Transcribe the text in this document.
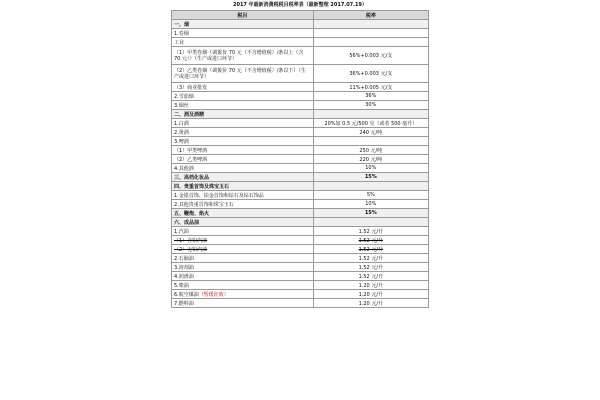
2017 年最新消费税税目税率表（最新整理 2017.07.19）
税目	税率
一、烟	
1.卷烟	
工业	
（1）甲类卷烟（调拨价 70 元（不含增值税）/条以上（含 70 元））（生产或进口环节）	56%+0.003 元/支
（2）乙类卷烟（调拨价 70 元（不含增值税）/条以下）（生产或进口环节）	36%+0.003 元/支
（3）商业批发	11%+0.005 元/支
2.雪茄烟	36%
3.烟丝	30%
二、酒及酒精	
1.白酒	20%加 0.5 元/500 克（或者 500 毫升）
2.黄酒	240 元/吨
3.啤酒	
（1）甲类啤酒	250 元/吨
（2）乙类啤酒	220 元/吨
4.其他酒	10%
三、高档化妆品	15%
四、贵重首饰及珠宝玉石	
1.金银首饰、铂金首饰和钻石及钻石饰品	5%
2.其他贵重首饰和珠宝玉石	10%
五、鞭炮、焰火	15%
六、成品油	
1.汽油	1.52 元/升
（1）含铅汽油	1.52 元/升
（2）无铅汽油	1.52 元/升
2.石脑油	1.52 元/升
3.溶剂油	1.52 元/升
4.润滑油	1.52 元/升
5.柴油	1.20 元/升
6.航空煤油（暂缓征收）	1.20 元/升
7.燃料油	1.20 元/升
